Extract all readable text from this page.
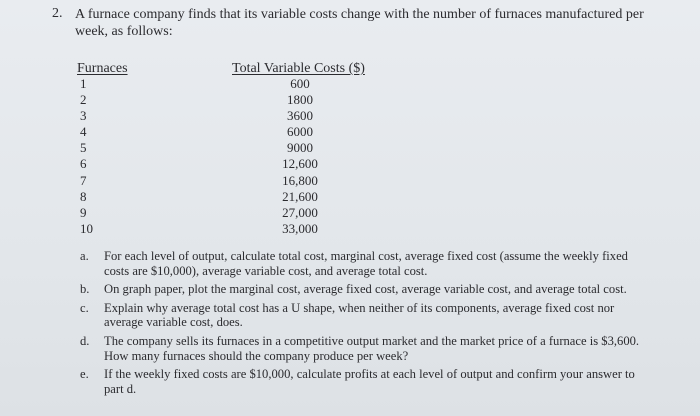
2. A furnace company finds that its variable costs change with the number of furnaces manufactured per week, as follows:
Furnaces	Total Variable Costs ($)
1
2
3
4
5
6
7
8
9
10
600
1800
3600
6000
9000
12,600
16,800
21,600
27,000
33,000
a. For each level of output, calculate total cost, marginal cost, average fixed cost (assume the weekly fixed costs are $10,000), average variable cost, and average total cost.
b. On graph paper, plot the marginal cost, average fixed cost, average variable cost, and average total cost.
c. Explain why average total cost has a U shape, when neither of its components, average fixed cost nor average variable cost, does.
d. The company sells its furnaces in a competitive output market and the market price of a furnace is $3,600. How many furnaces should the company produce per week?
e. If the weekly fixed costs are $10,000, calculate profits at each level of output and confirm your answer to part d.
